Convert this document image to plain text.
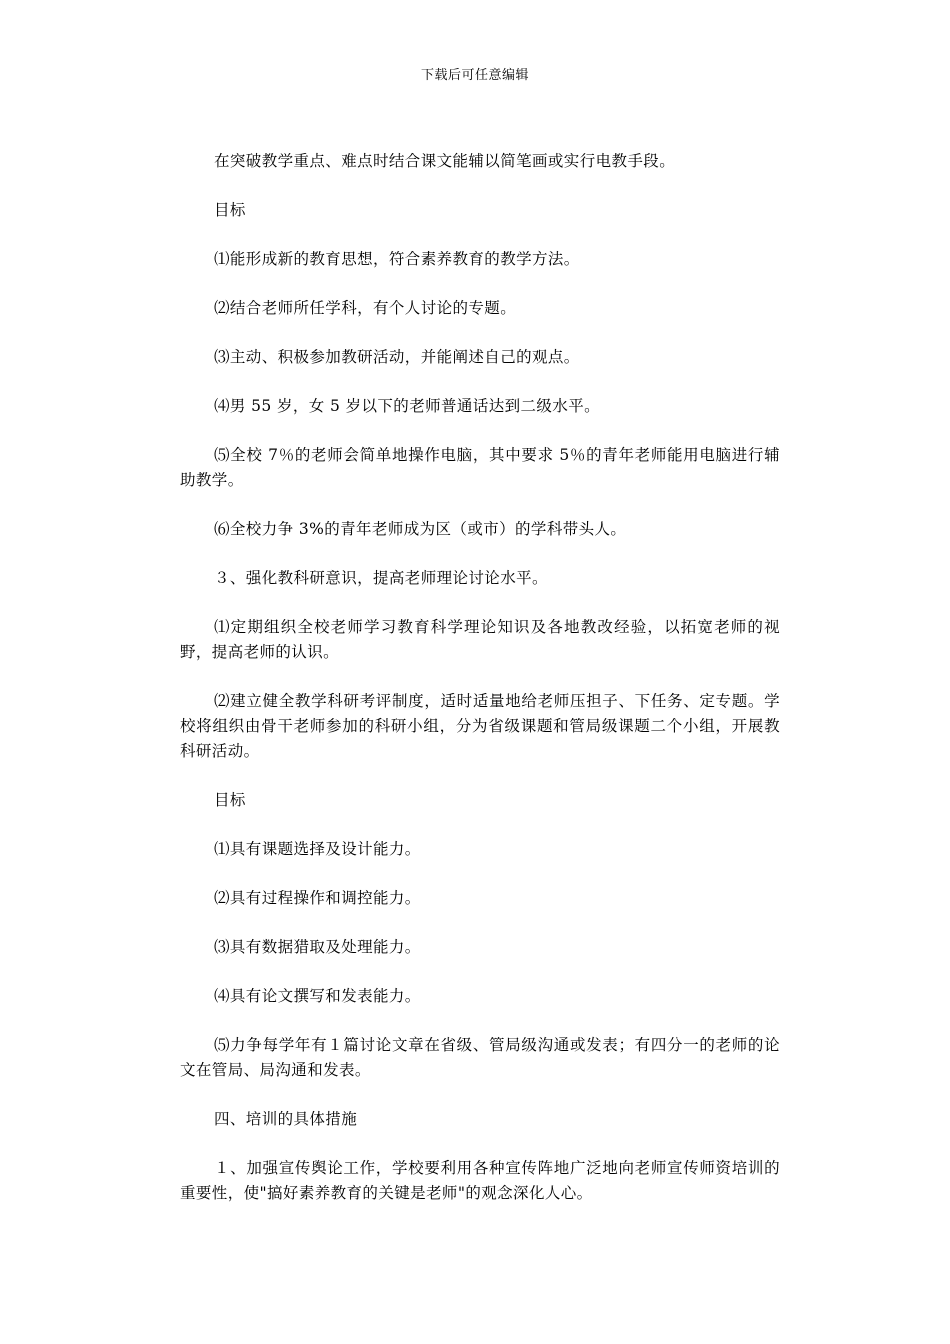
下载后可任意编辑

在突破教学重点、难点时结合课文能辅以简笔画或实行电教手段。

目标

⑴能形成新的教育思想，符合素养教育的教学方法。

⑵结合老师所任学科，有个人讨论的专题。

⑶主动、积极参加教研活动，并能阐述自己的观点。

⑷男 55 岁，女 5 岁以下的老师普通话达到二级水平。

⑸全校 7％的老师会简单地操作电脑，其中要求 5％的青年老师能用电脑进行辅助教学。

⑹全校力争 3%的青年老师成为区（或市）的学科带头人。

３、强化教科研意识，提高老师理论讨论水平。

⑴定期组织全校老师学习教育科学理论知识及各地教改经验，以拓宽老师的视野，提高老师的认识。

⑵建立健全教学科研考评制度，适时适量地给老师压担子、下任务、定专题。学校将组织由骨干老师参加的科研小组，分为省级课题和管局级课题二个小组，开展教科研活动。

目标

⑴具有课题选择及设计能力。

⑵具有过程操作和调控能力。

⑶具有数据猎取及处理能力。

⑷具有论文撰写和发表能力。

⑸力争每学年有１篇讨论文章在省级、管局级沟通或发表；有四分一的老师的论文在管局、局沟通和发表。

四、培训的具体措施

１、加强宣传舆论工作，学校要利用各种宣传阵地广泛地向老师宣传师资培训的重要性，使"搞好素养教育的关键是老师"的观念深化人心。
